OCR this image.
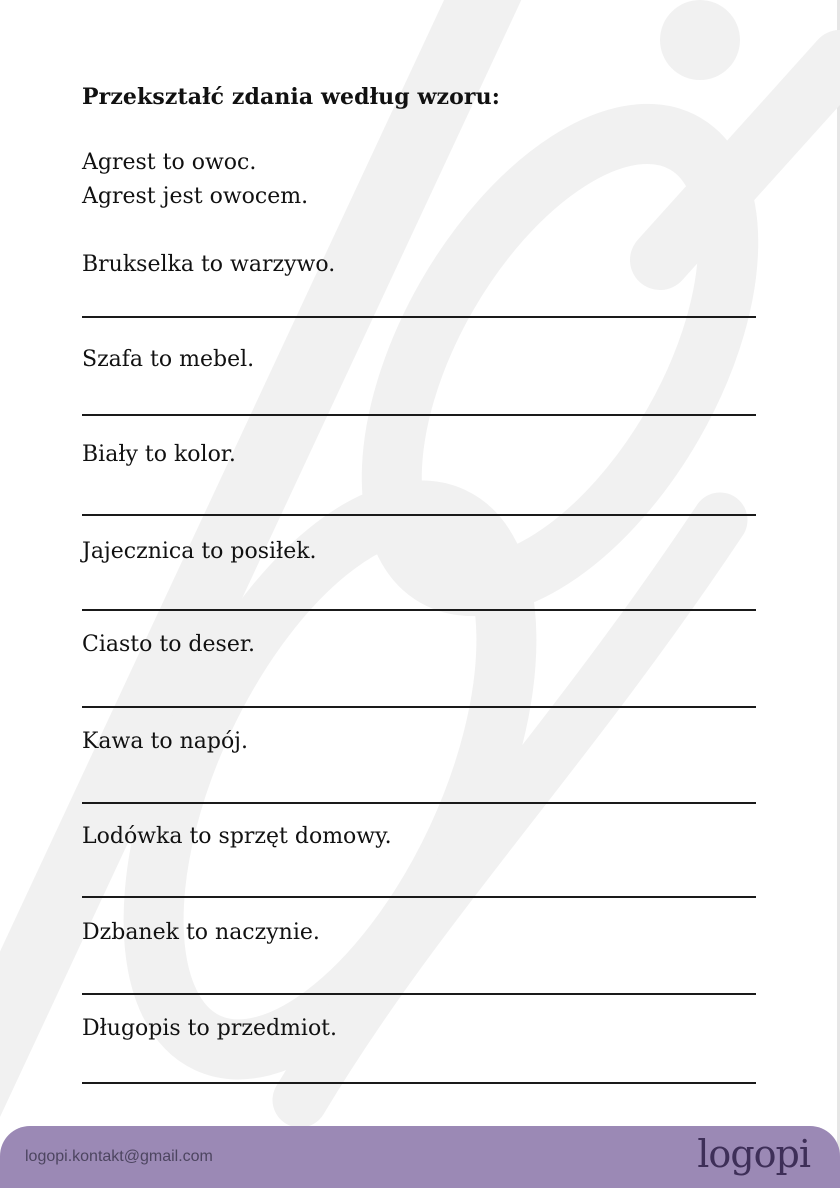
Przekształć zdania według wzoru:
Agrest to owoc.
Agrest jest owocem.
Brukselka to warzywo.
Szafa to mebel.
Biały to kolor.
Jajecznica to posiłek.
Ciasto to deser.
Kawa to napój.
Lodówka to sprzęt domowy.
Dzbanek to naczynie.
Długopis to przedmiot.
logopi.kontakt@gmail.com	logopi
